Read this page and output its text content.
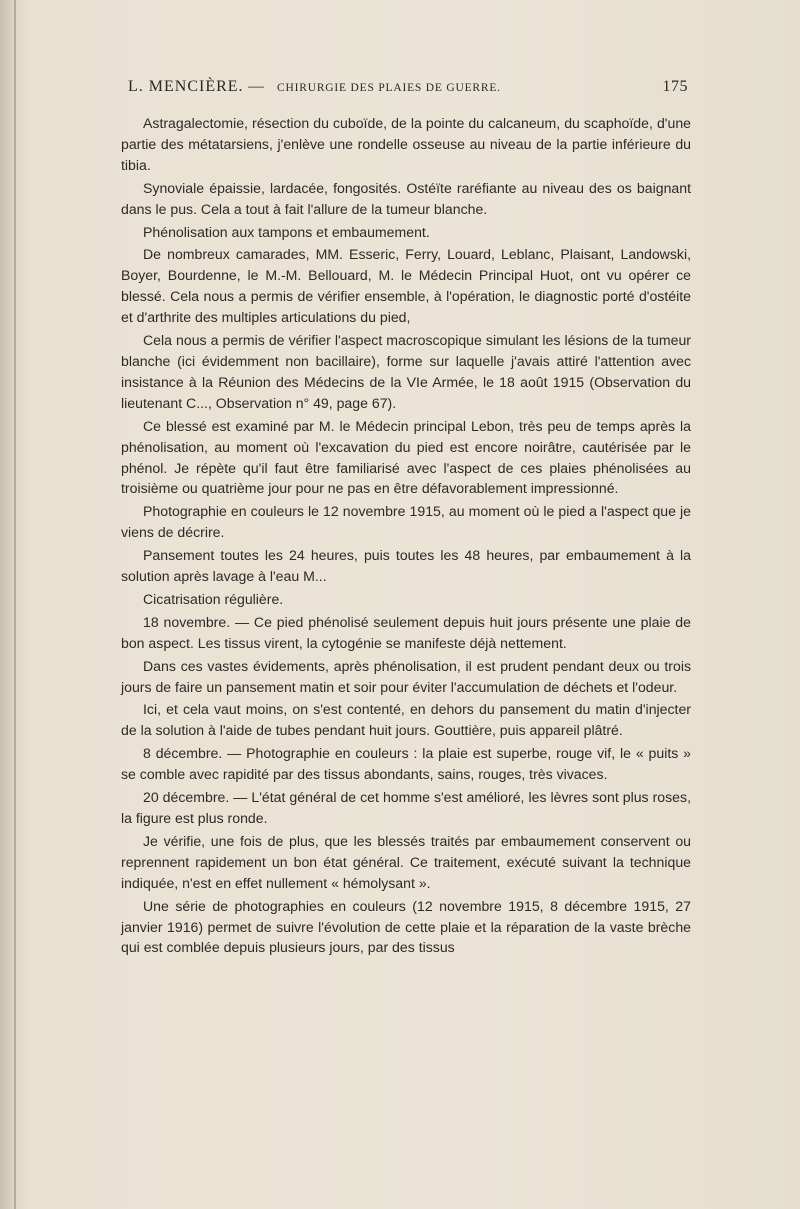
L. MENCIÈRE. — CHIRURGIE DES PLAIES DE GUERRE.	175

Astragalectomie, résection du cuboïde, de la pointe du calcaneum, du scaphoïde, d'une partie des métatarsiens, j'enlève une rondelle osseuse au niveau de la partie inférieure du tibia.

Synoviale épaissie, lardacée, fongosités. Ostéïte raréfiante au niveau des os baignant dans le pus. Cela a tout à fait l'allure de la tumeur blanche.

Phénolisation aux tampons et embaumement.

De nombreux camarades, MM. Esseric, Ferry, Louard, Leblanc, Plaisant, Landowski, Boyer, Bourdenne, le M.-M. Bellouard, M. le Médecin Principal Huot, ont vu opérer ce blessé. Cela nous a permis de vérifier ensemble, à l'opération, le diagnostic porté d'ostéite et d'arthrite des multiples articulations du pied,

Cela nous a permis de vérifier l'aspect macroscopique simulant les lésions de la tumeur blanche (ici évidemment non bacillaire), forme sur laquelle j'avais attiré l'attention avec insistance à la Réunion des Médecins de la VIe Armée, le 18 août 1915 (Observation du lieutenant C..., Observation n° 49, page 67).

Ce blessé est examiné par M. le Médecin principal Lebon, très peu de temps après la phénolisation, au moment où l'excavation du pied est encore noirâtre, cautérisée par le phénol. Je répète qu'il faut être familiarisé avec l'aspect de ces plaies phénolisées au troisième ou quatrième jour pour ne pas en être défavorablement impressionné.

Photographie en couleurs le 12 novembre 1915, au moment où le pied a l'aspect que je viens de décrire.

Pansement toutes les 24 heures, puis toutes les 48 heures, par embaumement à la solution après lavage à l'eau M...

Cicatrisation régulière.

18 novembre. — Ce pied phénolisé seulement depuis huit jours présente une plaie de bon aspect. Les tissus virent, la cytogénie se manifeste déjà nettement.

Dans ces vastes évidements, après phénolisation, il est prudent pendant deux ou trois jours de faire un pansement matin et soir pour éviter l'accumulation de déchets et l'odeur.

Ici, et cela vaut moins, on s'est contenté, en dehors du pansement du matin d'injecter de la solution à l'aide de tubes pendant huit jours. Gouttière, puis appareil plâtré.

8 décembre. — Photographie en couleurs : la plaie est superbe, rouge vif, le « puits » se comble avec rapidité par des tissus abondants, sains, rouges, très vivaces.

20 décembre. — L'état général de cet homme s'est amélioré, les lèvres sont plus roses, la figure est plus ronde.

Je vérifie, une fois de plus, que les blessés traités par embaumement conservent ou reprennent rapidement un bon état général. Ce traitement, exécuté suivant la technique indiquée, n'est en effet nullement « hémolysant ».

Une série de photographies en couleurs (12 novembre 1915, 8 décembre 1915, 27 janvier 1916) permet de suivre l'évolution de cette plaie et la réparation de la vaste brèche qui est comblée depuis plusieurs jours, par des tissus
